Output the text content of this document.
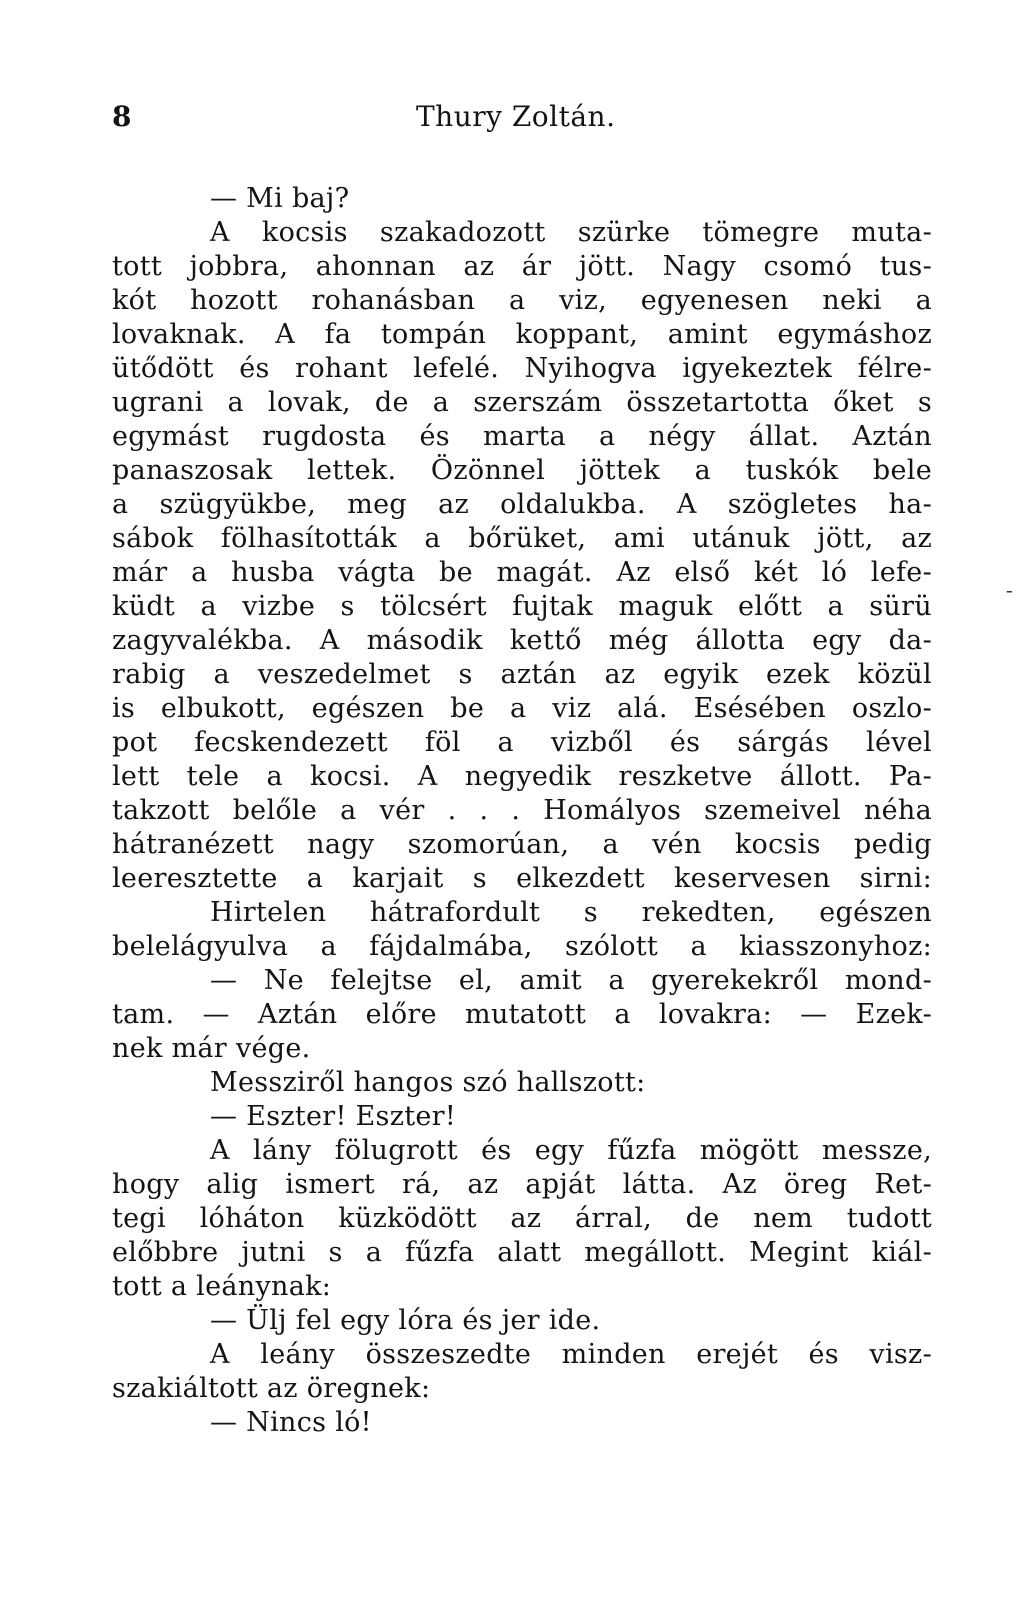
8	Thury Zoltán.
— Mi baj?
A kocsis szakadozott szürke tömegre muta-
tott jobbra, ahonnan az ár jött. Nagy csomó tus-
kót hozott rohanásban a viz, egyenesen neki a
lovaknak. A fa tompán koppant, amint egymáshoz
ütődött és rohant lefelé. Nyihogva igyekeztek félre-
ugrani a lovak, de a szerszám összetartotta őket s
egymást rugdosta és marta a négy állat. Aztán
panaszosak lettek. Özönnel jöttek a tuskók bele
a szügyükbe, meg az oldalukba. A szögletes ha-
sábok fölhasították a bőrüket, ami utánuk jött, az
már a husba vágta be magát. Az első két ló lefe-
küdt a vizbe s tölcsért fujtak maguk előtt a sürü
zagyvalékba. A második kettő még állotta egy da-
rabig a veszedelmet s aztán az egyik ezek közül
is elbukott, egészen be a viz alá. Esésében oszlo-
pot fecskendezett föl a vizből és sárgás lével
lett tele a kocsi. A negyedik reszketve állott. Pa-
takzott belőle a vér . . . Homályos szemeivel néha
hátranézett nagy szomorúan, a vén kocsis pedig
leeresztette a karjait s elkezdett keservesen sirni:
Hirtelen hátrafordult s rekedten, egészen
belelágyulva a fájdalmába, szólott a kiasszonyhoz:
— Ne felejtse el, amit a gyerekekről mond-
tam. — Aztán előre mutatott a lovakra: — Ezek-
nek már vége.
Messziről hangos szó hallszott:
— Eszter! Eszter!
A lány fölugrott és egy fűzfa mögött messze,
hogy alig ismert rá, az apját látta. Az öreg Ret-
tegi lóháton küzködött az árral, de nem tudott
előbbre jutni s a fűzfa alatt megállott. Megint kiál-
tott a leánynak:
— Ülj fel egy lóra és jer ide.
A leány összeszedte minden erejét és visz-
szakiáltott az öregnek:
— Nincs ló!
-
